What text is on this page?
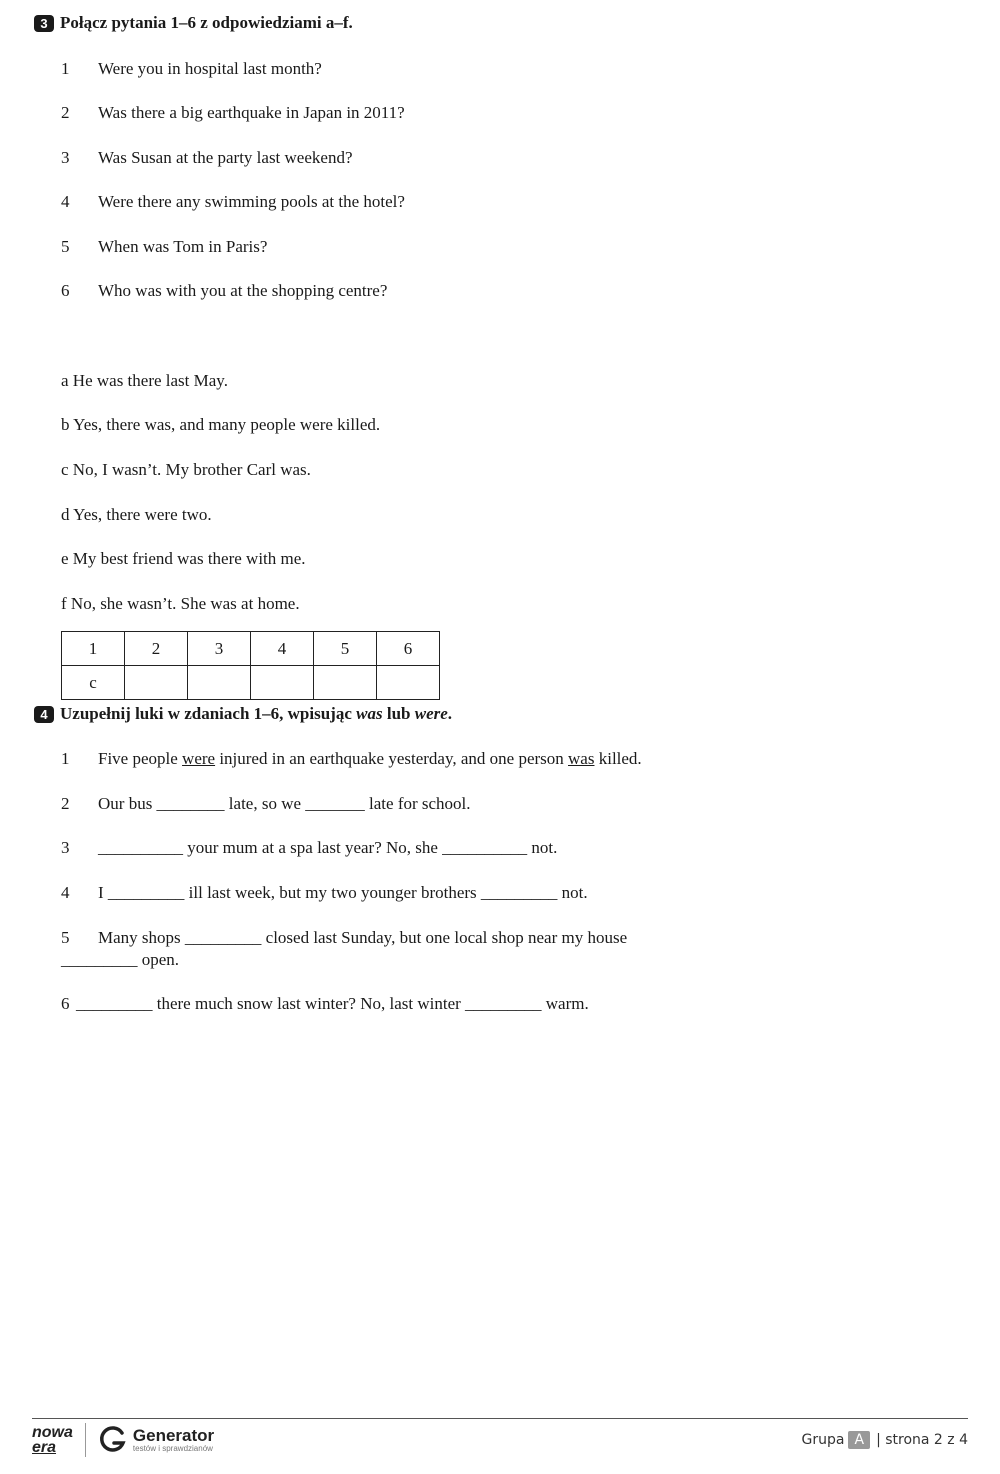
3 Połącz pytania 1–6 z odpowiedziami a–f.
1 Were you in hospital last month?
2 Was there a big earthquake in Japan in 2011?
3 Was Susan at the party last weekend?
4 Were there any swimming pools at the hotel?
5 When was Tom in Paris?
6 Who was with you at the shopping centre?
a He was there last May.
b Yes, there was, and many people were killed.
c No, I wasn’t. My brother Carl was.
d Yes, there were two.
e My best friend was there with me.
f No, she wasn’t. She was at home.
1	2	3	4	5	6
c					
4 Uzupełnij luki w zdaniach 1–6, wpisując was lub were.
1 Five people were injured in an earthquake yesterday, and one person was killed.
2 Our bus ________ late, so we _______ late for school.
3 __________ your mum at a spa last year? No, she __________ not.
4 I _________ ill last week, but my two younger brothers _________ not.
5 Many shops _________ closed last Sunday, but one local shop near my house
_________ open.
6 _________ there much snow last winter? No, last winter _________ warm.
nowa
era
Generator
testów i sprawdzianów
Grupa A | strona 2 z 4
